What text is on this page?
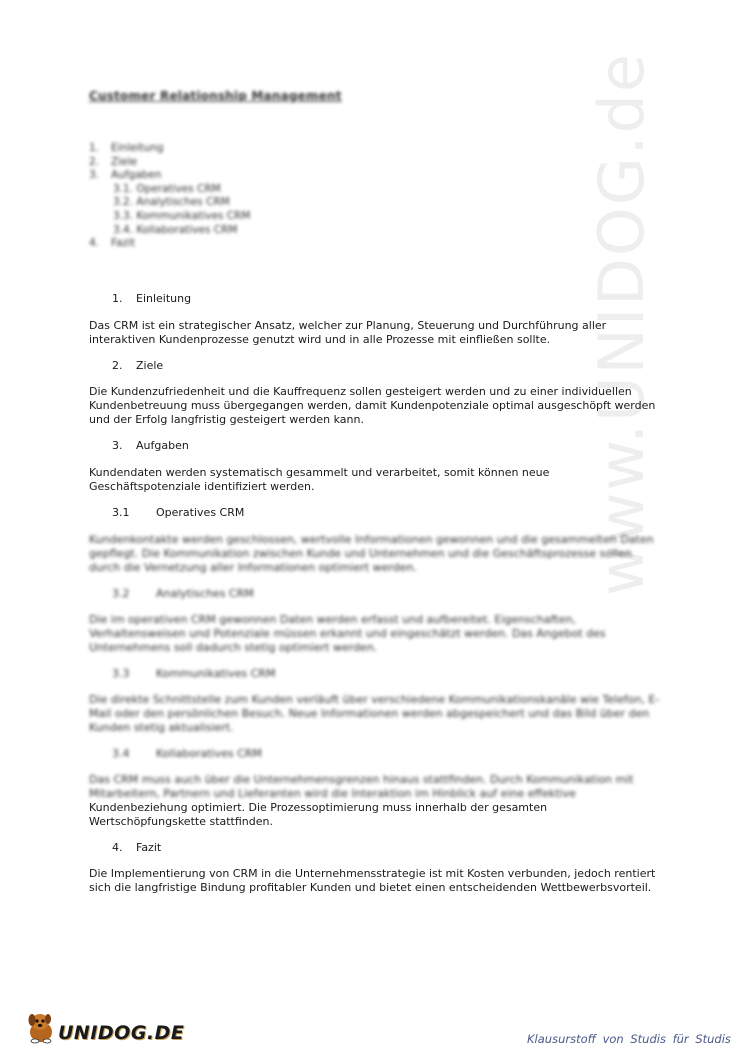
www.UNIDOG.de
Customer Relationship Management
1. Einleitung
2. Ziele
3. Aufgaben
3.1. Operatives CRM
3.2. Analytisches CRM
3.3. Kommunikatives CRM
3.4. Kollaboratives CRM
4. Fazit
1. Einleitung
Das CRM ist ein strategischer Ansatz, welcher zur Planung, Steuerung und Durchführung aller interaktiven Kundenprozesse genutzt wird und in alle Prozesse mit einfließen sollte.
2. Ziele
Die Kundenzufriedenheit und die Kauffrequenz sollen gesteigert werden und zu einer individuellen Kundenbetreuung muss übergegangen werden, damit Kundenpotenziale optimal ausgeschöpft werden und der Erfolg langfristig gesteigert werden kann.
3. Aufgaben
Kundendaten werden systematisch gesammelt und verarbeitet, somit können neue Geschäftspotenziale identifiziert werden.
3.1 Operatives CRM
Kundenkontakte werden geschlossen, wertvolle Informationen gewonnen und die gesammelten Daten gepflegt. Die Kommunikation zwischen Kunde und Unternehmen und die Geschäftsprozesse sollen durch die Vernetzung aller Informationen optimiert werden.
3.2 Analytisches CRM
Die im operativen CRM gewonnen Daten werden erfasst und aufbereitet. Eigenschaften, Verhaltensweisen und Potenziale müssen erkannt und eingeschätzt werden. Das Angebot des Unternehmens soll dadurch stetig optimiert werden.
3.3 Kommunikatives CRM
Die direkte Schnittstelle zum Kunden verläuft über verschiedene Kommunikationskanäle wie Telefon, E-Mail oder den persönlichen Besuch. Neue Informationen werden abgespeichert und das Bild über den Kunden stetig aktualisiert.
3.4 Kollaboratives CRM
Das CRM muss auch über die Unternehmensgrenzen hinaus stattfinden. Durch Kommunikation mit Mitarbeitern, Partnern und Lieferanten wird die Interaktion im Hinblick auf eine effektive
Kundenbeziehung optimiert. Die Prozessoptimierung muss innerhalb der gesamten Wertschöpfungskette stattfinden.
4. Fazit
Die Implementierung von CRM in die Unternehmensstrategie ist mit Kosten verbunden, jedoch rentiert sich die langfristige Bindung profitabler Kunden und bietet einen entscheidenden Wettbewerbsvorteil.
UNIDOG.DE	Klausurstoff von Studis für Studis
